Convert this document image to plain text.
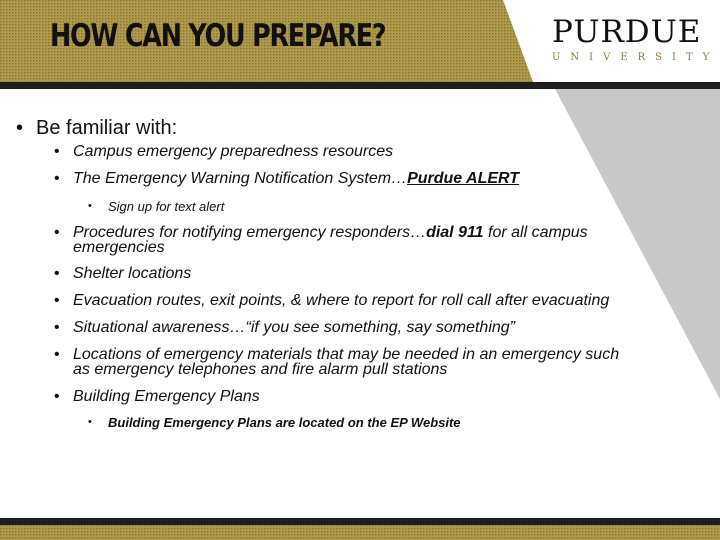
HOW CAN YOU PREPARE?	PURDUE
UNIVERSITY
• Be familiar with:
• Campus emergency preparedness resources
• The Emergency Warning Notification System…Purdue ALERT
• Sign up for text alert
• Procedures for notifying emergency responders…dial 911 for all campus
emergencies
• Shelter locations
• Evacuation routes, exit points, & where to report for roll call after evacuating
• Situational awareness…“if you see something, say something”
• Locations of emergency materials that may be needed in an emergency such
as emergency telephones and fire alarm pull stations
• Building Emergency Plans
• Building Emergency Plans are located on the EP Website
